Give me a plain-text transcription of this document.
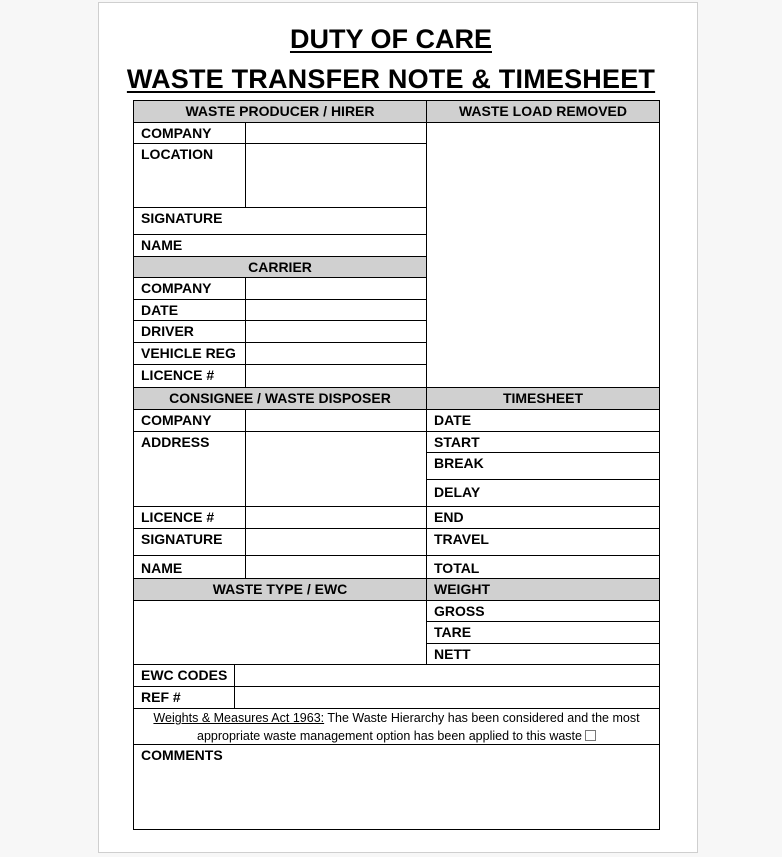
DUTY OF CARE
WASTE TRANSFER NOTE & TIMESHEET
WASTE PRODUCER / HIRER
COMPANY
LOCATION
SIGNATURE
NAME
WASTE LOAD REMOVED
CARRIER
COMPANY
DATE
DRIVER
VEHICLE REG
LICENCE #
CONSIGNEE / WASTE DISPOSER
COMPANY
ADDRESS
LICENCE #
SIGNATURE
NAME
TIMESHEET
DATE
START
BREAK
DELAY
END
TRAVEL
TOTAL
WASTE TYPE / EWC	WEIGHT
GROSS
TARE
NETT
EWC CODES
REF #
Weights & Measures Act 1963: The Waste Hierarchy has been considered and the most
appropriate waste management option has been applied to this waste
COMMENTS
